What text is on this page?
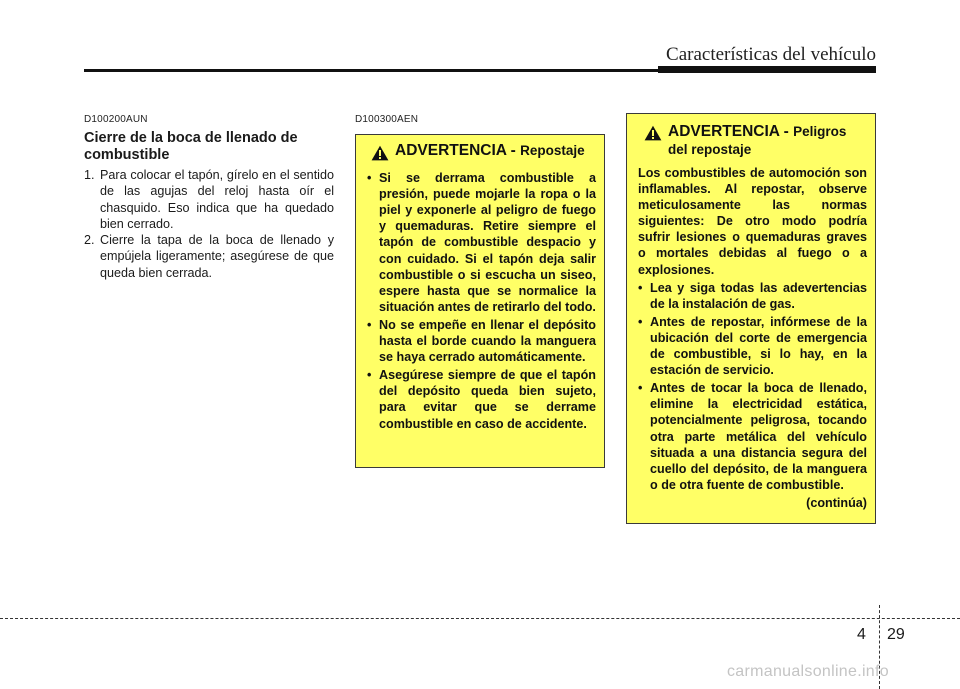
Características del vehículo
D100200AUN
Cierre de la boca de llenado de combustible
1. Para colocar el tapón, gírelo en el sentido de las agujas del reloj hasta oír el chasquido. Eso indica que ha quedado bien cerrado.
2. Cierre la tapa de la boca de llenado y empújela ligeramente; asegúrese de que queda bien cerrada.
D100300AEN
ADVERTENCIA - Repostaje
• Si se derrama combustible a presión, puede mojarle la ropa o la piel y exponerle al peligro de fuego y quemaduras. Retire siempre el tapón de combustible despacio y con cuidado. Si el tapón deja salir combustible o si escucha un siseo, espere hasta que se normalice la situación antes de retirarlo del todo.
• No se empeñe en llenar el depósito hasta el borde cuando la manguera se haya cerrado automáticamente.
• Asegúrese siempre de que el tapón del depósito queda bien sujeto, para evitar que se derrame combustible en caso de accidente.
ADVERTENCIA - Peligros del repostaje

Los combustibles de automoción son inflamables. Al repostar, observe meticulosamente las normas siguientes: De otro modo podría sufrir lesiones o quemaduras graves o mortales debidas al fuego o a explosiones.

• Lea y siga todas las adevertencias de la instalación de gas.
• Antes de repostar, infórmese de la ubicación del corte de emergencia de combustible, si lo hay, en la estación de servicio.
• Antes de tocar la boca de llenado, elimine la electricidad estática, potencialmente peligrosa, tocando otra parte metálica del vehículo situada a una distancia segura del cuello del depósito, de la manguera o de otra fuente de combustible.
(continúa)
4 29
carmanualsonline.info
